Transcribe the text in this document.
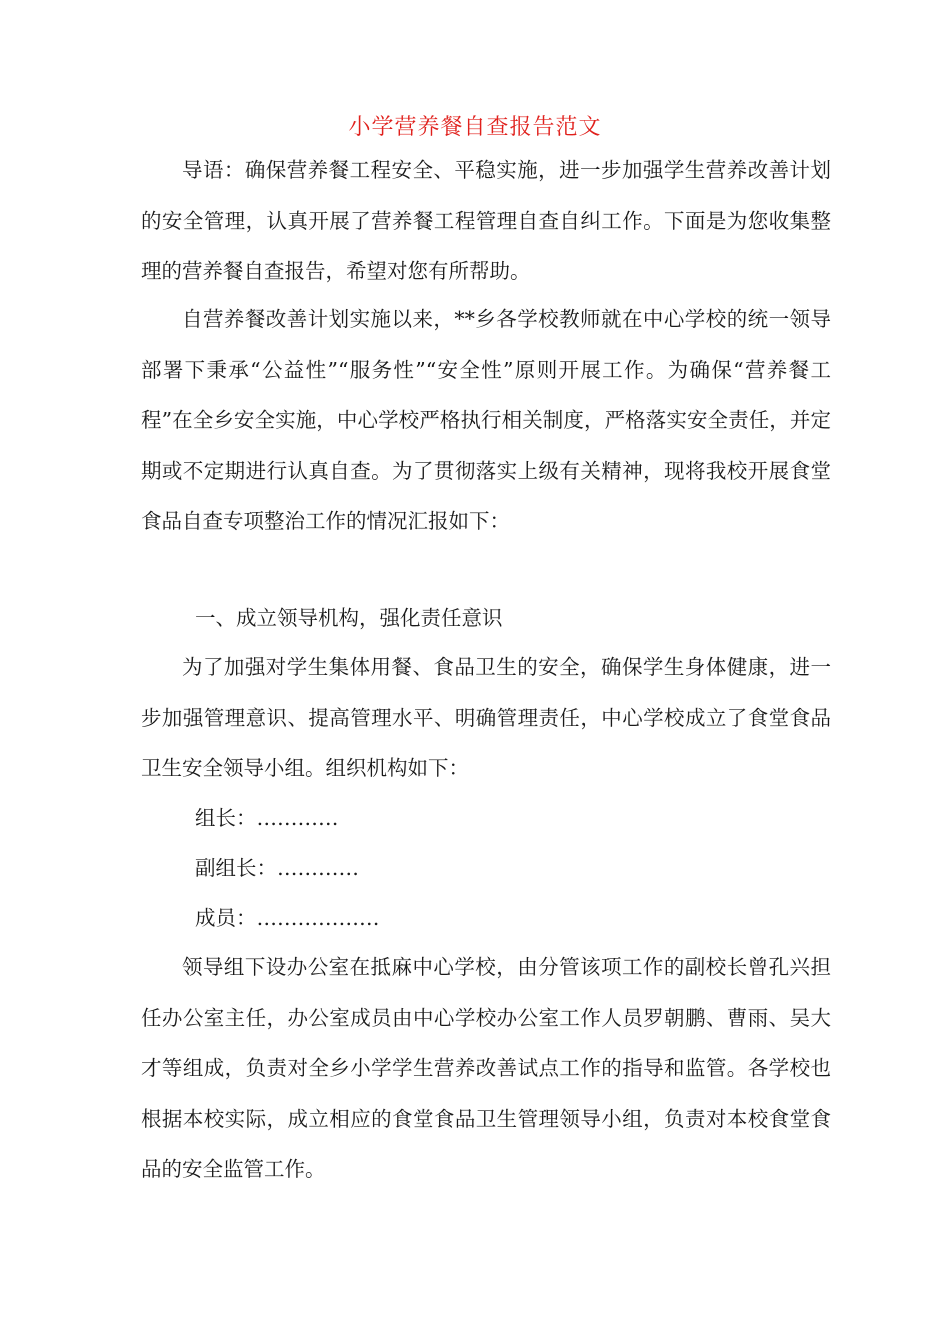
小学营养餐自查报告范文

导语：确保营养餐工程安全、平稳实施，进一步加强学生营养改善计划的安全管理，认真开展了营养餐工程管理自查自纠工作。下面是为您收集整理的营养餐自查报告，希望对您有所帮助。

自营养餐改善计划实施以来，**乡各学校教师就在中心学校的统一领导部署下秉承“公益性”“服务性”“安全性”原则开展工作。为确保“营养餐工程”在全乡安全实施，中心学校严格执行相关制度，严格落实安全责任，并定期或不定期进行认真自查。为了贯彻落实上级有关精神，现将我校开展食堂食品自查专项整治工作的情况汇报如下：

一、成立领导机构，强化责任意识

为了加强对学生集体用餐、食品卫生的安全，确保学生身体健康，进一步加强管理意识、提高管理水平、明确管理责任，中心学校成立了食堂食品卫生安全领导小组。组织机构如下：

组长：…………
副组长：…………
成员：………………

领导组下设办公室在抵麻中心学校，由分管该项工作的副校长曾孔兴担任办公室主任，办公室成员由中心学校办公室工作人员罗朝鹏、曹雨、吴大才等组成，负责对全乡小学学生营养改善试点工作的指导和监管。各学校也根据本校实际，成立相应的食堂食品卫生管理领导小组，负责对本校食堂食品的安全监管工作。
